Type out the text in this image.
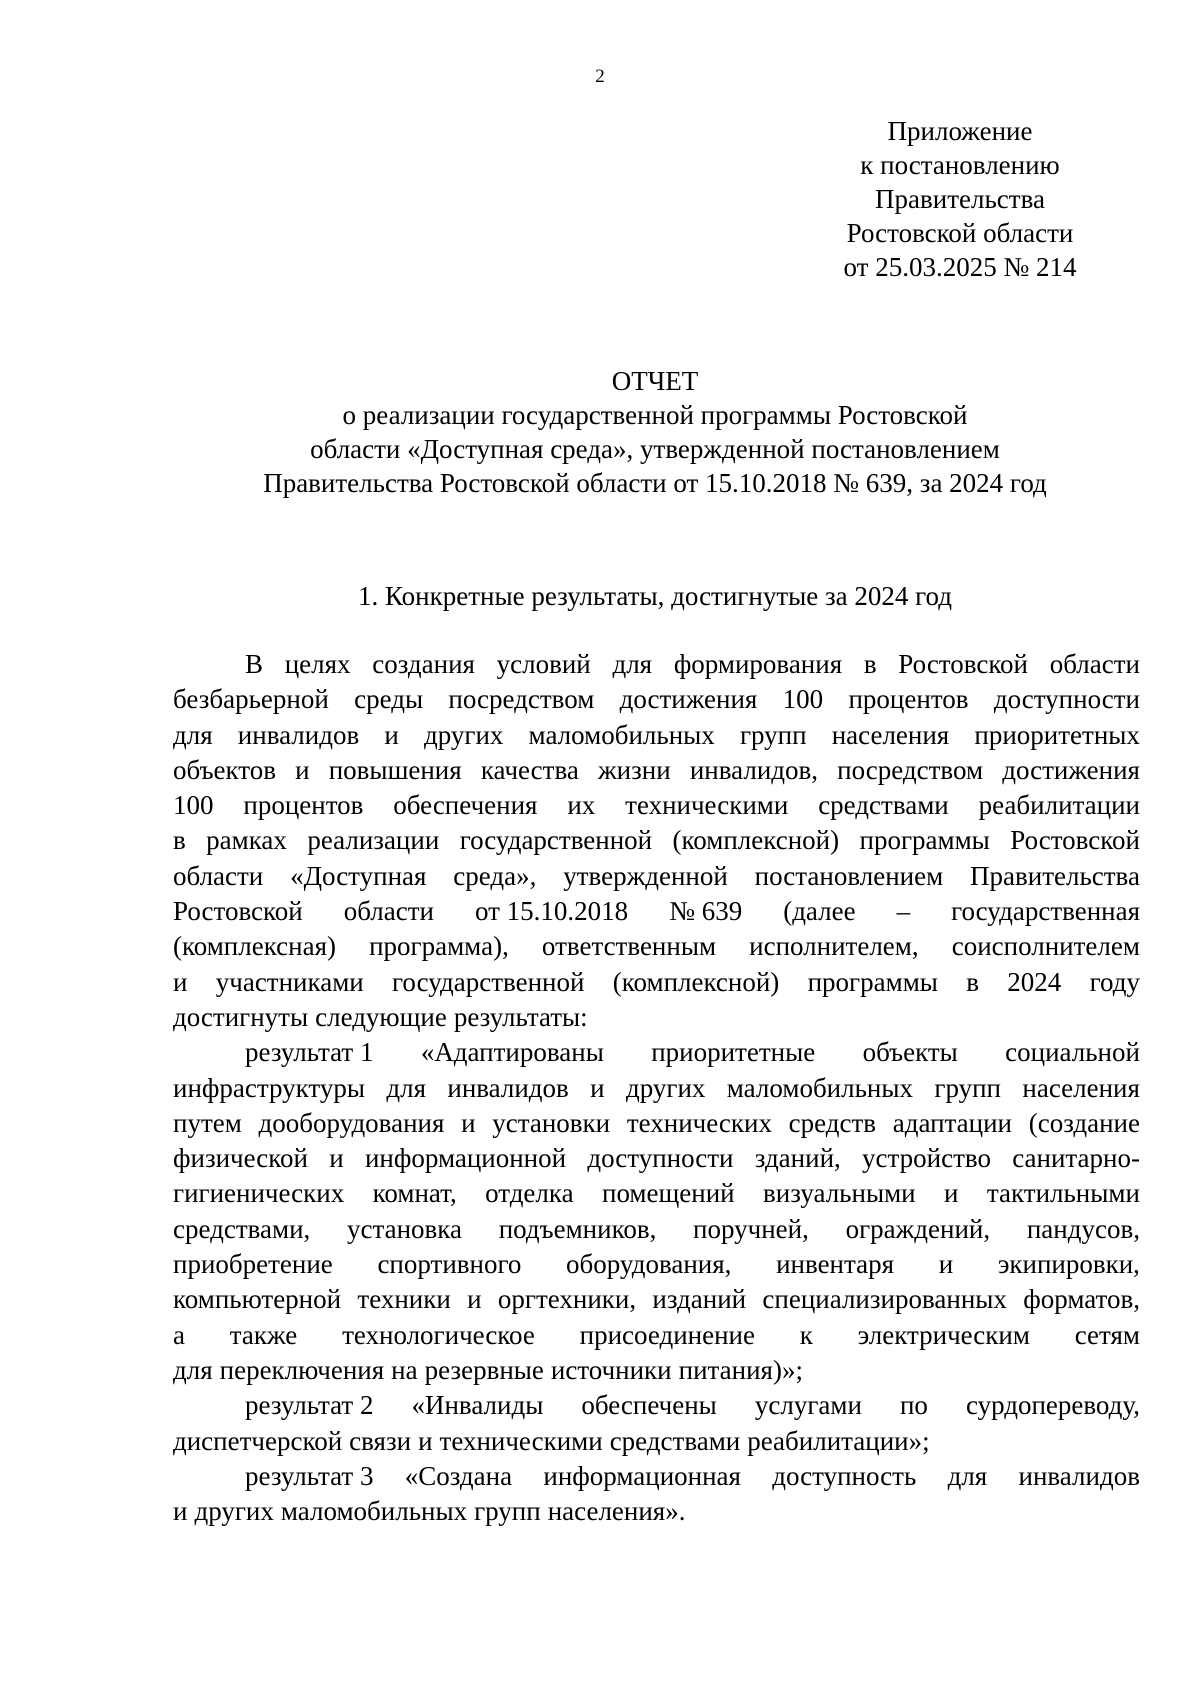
2
Приложение
к постановлению
Правительства
Ростовской области
от 25.03.2025 № 214
ОТЧЕТ
о реализации государственной программы Ростовской
области «Доступная среда», утвержденной постановлением
Правительства Ростовской области от 15.10.2018 № 639, за 2024 год
1. Конкретные результаты, достигнутые за 2024 год
В целях создания условий для формирования в Ростовской области
безбарьерной среды посредством достижения 100 процентов доступности
для инвалидов и других маломобильных групп населения приоритетных
объектов и повышения качества жизни инвалидов, посредством достижения
100 процентов обеспечения их техническими средствами реабилитации
в рамках реализации государственной (комплексной) программы Ростовской
области «Доступная среда», утвержденной постановлением Правительства
Ростовской области от 15.10.2018 № 639 (далее – государственная
(комплексная) программа), ответственным исполнителем, соисполнителем
и участниками государственной (комплексной) программы в 2024 году
достигнуты следующие результаты:
результат 1 «Адаптированы приоритетные объекты социальной
инфраструктуры для инвалидов и других маломобильных групп населения
путем дооборудования и установки технических средств адаптации (создание
физической и информационной доступности зданий, устройство санитарно-
гигиенических комнат, отделка помещений визуальными и тактильными
средствами, установка подъемников, поручней, ограждений, пандусов,
приобретение спортивного оборудования, инвентаря и экипировки,
компьютерной техники и оргтехники, изданий специализированных форматов,
а также технологическое присоединение к электрическим сетям
для переключения на резервные источники питания)»;
результат 2 «Инвалиды обеспечены услугами по сурдопереводу,
диспетчерской связи и техническими средствами реабилитации»;
результат 3 «Создана информационная доступность для инвалидов
и других маломобильных групп населения».
